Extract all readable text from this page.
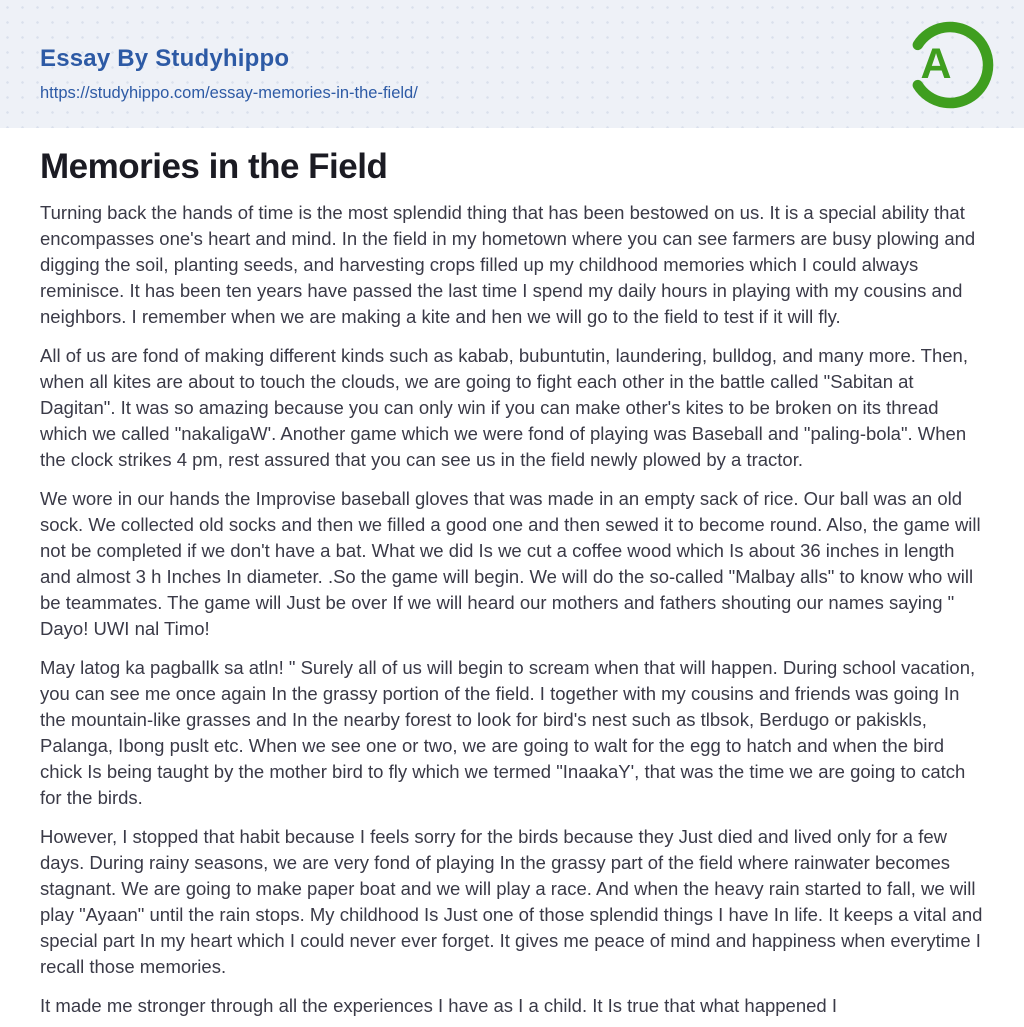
Essay By Studyhippo
https://studyhippo.com/essay-memories-in-the-field/
A
Memories in the Field

Turning back the hands of time is the most splendid thing that has been bestowed on us. It is a special ability that encompasses one's heart and mind. In the field in my hometown where you can see farmers are busy plowing and digging the soil, planting seeds, and harvesting crops filled up my childhood memories which I could always reminisce. It has been ten years have passed the last time I spend my daily hours in playing with my cousins and neighbors. I remember when we are making a kite and hen we will go to the field to test if it will fly.

All of us are fond of making different kinds such as kabab, bubuntutin, laundering, bulldog, and many more. Then, when all kites are about to touch the clouds, we are going to fight each other in the battle called "Sabitan at Dagitan". It was so amazing because you can only win if you can make other's kites to be broken on its thread which we called "nakaligaW'. Another game which we were fond of playing was Baseball and "paling-bola". When the clock strikes 4 pm, rest assured that you can see us in the field newly plowed by a tractor.

We wore in our hands the Improvise baseball gloves that was made in an empty sack of rice. Our ball was an old sock. We collected old socks and then we filled a good one and then sewed it to become round. Also, the game will not be completed if we don't have a bat. What we did Is we cut a coffee wood which Is about 36 inches in length and almost 3 h Inches In diameter. .So the game will begin. We will do the so-called "Malbay alls" to know who will be teammates. The game will Just be over If we will heard our mothers and fathers shouting our names saying " Dayo! UWI nal Timo!

May latog ka pagballk sa atln! " Surely all of us will begin to scream when that will happen. During school vacation, you can see me once again In the grassy portion of the field. I together with my cousins and friends was going In the mountain-like grasses and In the nearby forest to look for bird's nest such as tlbsok, Berdugo or pakiskls, Palanga, Ibong puslt etc. When we see one or two, we are going to walt for the egg to hatch and when the bird chick Is being taught by the mother bird to fly which we termed "InaakaY', that was the time we are going to catch for the birds.

However, I stopped that habit because I feels sorry for the birds because they Just died and lived only for a few days. During rainy seasons, we are very fond of playing In the grassy part of the field where rainwater becomes stagnant. We are going to make paper boat and we will play a race. And when the heavy rain started to fall, we will play "Ayaan" until the rain stops. My childhood Is Just one of those splendid things I have In life. It keeps a vital and special part In my heart which I could never ever forget. It gives me peace of mind and happiness when everytime I recall those memories.

It made me stronger through all the experiences I have as I a child. It Is true that what happened I
